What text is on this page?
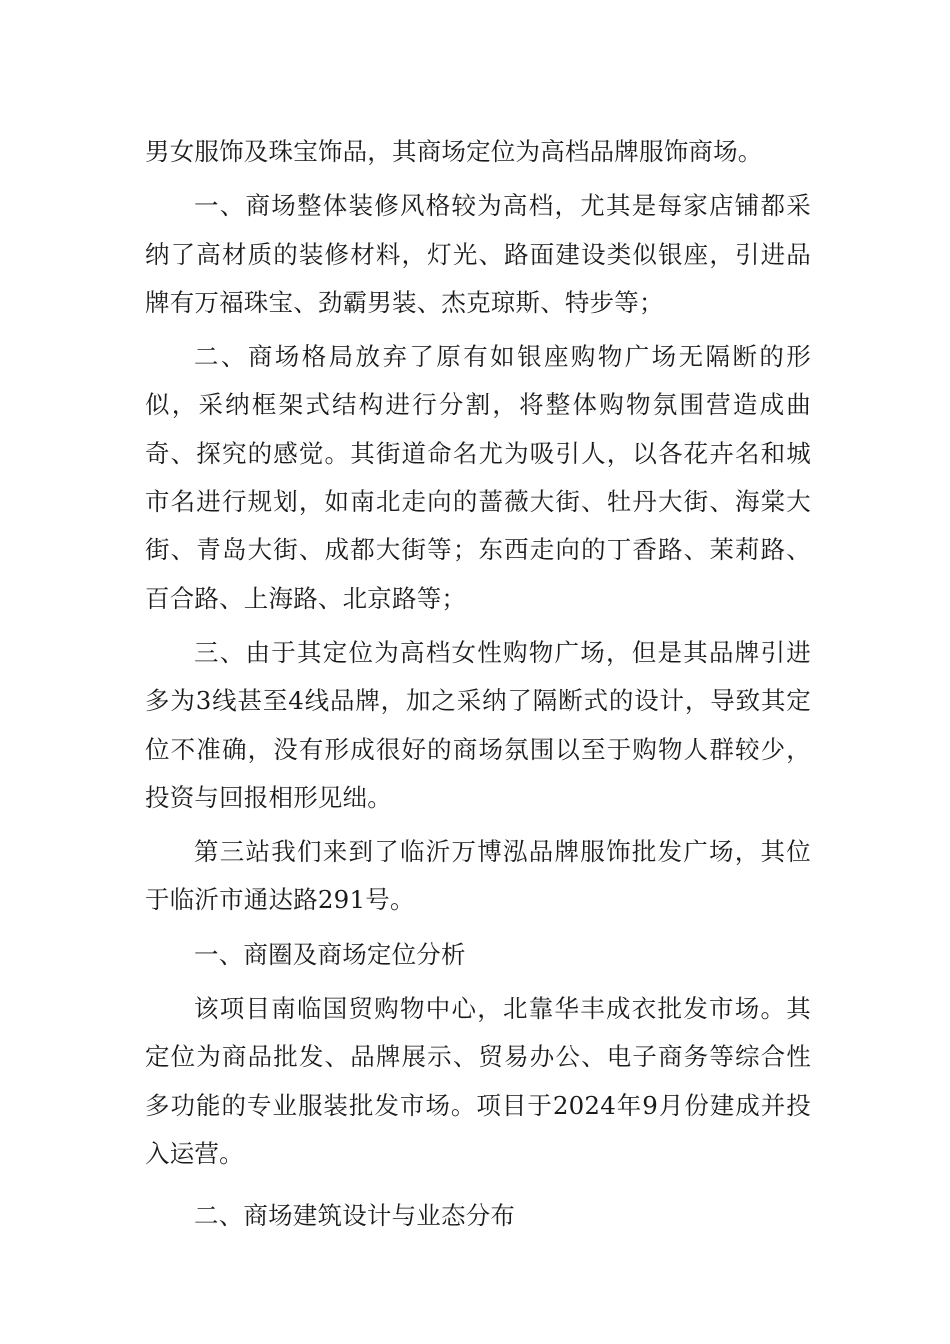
男女服饰及珠宝饰品，其商场定位为高档品牌服饰商场。

一、商场整体装修风格较为高档，尤其是每家店铺都采纳了高材质的装修材料，灯光、路面建设类似银座，引进品牌有万福珠宝、劲霸男装、杰克琼斯、特步等；

二、商场格局放弃了原有如银座购物广场无隔断的形似，采纳框架式结构进行分割，将整体购物氛围营造成曲奇、探究的感觉。其街道命名尤为吸引人，以各花卉名和城市名进行规划，如南北走向的蔷薇大街、牡丹大街、海棠大街、青岛大街、成都大街等；东西走向的丁香路、茉莉路、百合路、上海路、北京路等；

三、由于其定位为高档女性购物广场，但是其品牌引进多为3线甚至4线品牌，加之采纳了隔断式的设计，导致其定位不准确，没有形成很好的商场氛围以至于购物人群较少，投资与回报相形见绌。

第三站我们来到了临沂万博泓品牌服饰批发广场，其位于临沂市通达路291号。

一、商圈及商场定位分析

该项目南临国贸购物中心，北靠华丰成衣批发市场。其定位为商品批发、品牌展示、贸易办公、电子商务等综合性多功能的专业服装批发市场。项目于2024年9月份建成并投入运营。

二、商场建筑设计与业态分布
